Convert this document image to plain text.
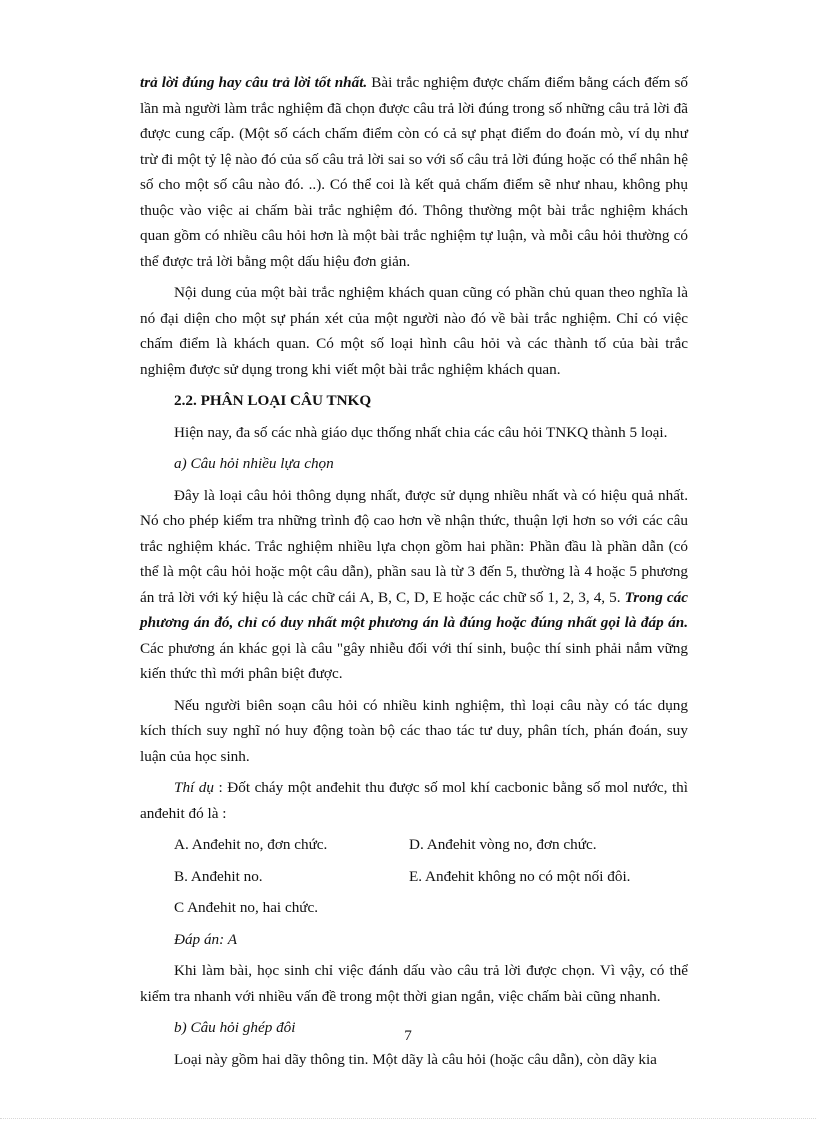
trả lời đúng hay câu trả lời tốt nhất. Bài trắc nghiệm được chấm điểm bằng cách đếm số lần mà người làm trắc nghiệm đã chọn được câu trả lời đúng trong số những câu trả lời đã được cung cấp. (Một số cách chấm điểm còn có cả sự phạt điểm do đoán mò, ví dụ như trừ đi một tỷ lệ nào đó của số câu trả lời sai so với số câu trả lời đúng hoặc có thể nhân hệ số cho một số câu nào đó. ..). Có thể coi là kết quả chấm điểm sẽ như nhau, không phụ thuộc vào việc ai chấm bài trắc nghiệm đó. Thông thường một bài trắc nghiệm khách quan gồm có nhiều câu hỏi hơn là một bài trắc nghiệm tự luận, và mỗi câu hỏi thường có thể được trả lời bằng một dấu hiệu đơn giản.

Nội dung của một bài trắc nghiệm khách quan cũng có phần chủ quan theo nghĩa là nó đại diện cho một sự phán xét của một người nào đó về bài trắc nghiệm. Chỉ có việc chấm điểm là khách quan. Có một số loại hình câu hỏi và các thành tố của bài trắc nghiệm được sử dụng trong khi viết một bài trắc nghiệm khách quan.

2.2. PHÂN LOẠI CÂU TNKQ

Hiện nay, đa số các nhà giáo dục thống nhất chia các câu hỏi TNKQ thành 5 loại.

a) Câu hỏi nhiều lựa chọn

Đây là loại câu hỏi thông dụng nhất, được sử dụng nhiều nhất và có hiệu quả nhất. Nó cho phép kiểm tra những trình độ cao hơn về nhận thức, thuận lợi hơn so với các câu trắc nghiệm khác. Trắc nghiệm nhiều lựa chọn gồm hai phần: Phần đầu là phần dẫn (có thể là một câu hỏi hoặc một câu dẫn), phần sau là từ 3 đến 5, thường là 4 hoặc 5 phương án trả lời với ký hiệu là các chữ cái A, B, C, D, E hoặc các chữ số 1, 2, 3, 4, 5. Trong các phương án đó, chỉ có duy nhất một phương án là đúng hoặc đúng nhất gọi là đáp án. Các phương án khác gọi là câu "gây nhiễu đối với thí sinh, buộc thí sinh phải nắm vững kiến thức thì mới phân biệt được.

Nếu người biên soạn câu hỏi có nhiều kinh nghiệm, thì loại câu này có tác dụng kích thích suy nghĩ nó huy động toàn bộ các thao tác tư duy, phân tích, phán đoán, suy luận của học sinh.

Thí dụ : Đốt cháy một anđehit thu được số mol khí cacbonic bằng số mol nước, thì anđehit đó là :

A. Anđehit no, đơn chức.	D. Anđehit vòng no, đơn chức.
B. Anđehit no.	E. Anđehit không no có một nối đôi.
C Anđehit no, hai chức.

Đáp án: A

Khi làm bài, học sinh chỉ việc đánh dấu vào câu trả lời được chọn. Vì vậy, có thể kiểm tra nhanh với nhiều vấn đề trong một thời gian ngắn, việc chấm bài cũng nhanh.

b) Câu hỏi ghép đôi

Loại này gồm hai dãy thông tin. Một dãy là câu hỏi (hoặc câu dẫn), còn dãy kia

7
